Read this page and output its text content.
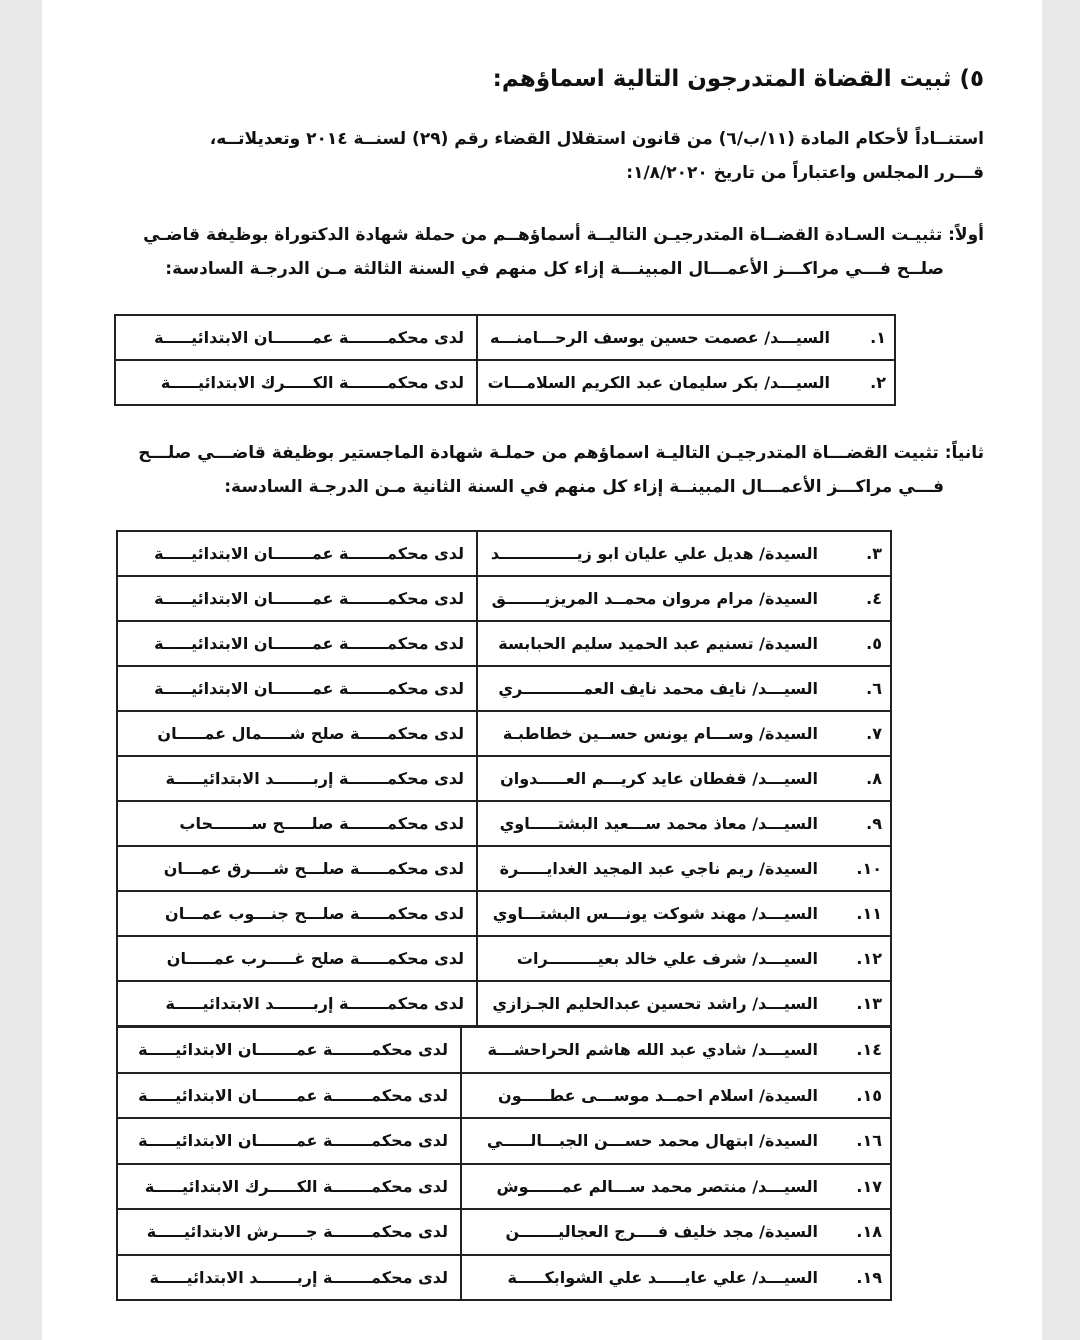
٥) ثبيت القضاة المتدرجون التالية اسماؤهم:
استنــاداً لأحكام المادة (١١/ب/٦) من قانون استقلال القضاء رقم (٢٩) لسنــة ٢٠١٤ وتعديلاتــه،
قـــرر المجلس واعتباراً من تاريخ ١/٨/٢٠٢٠:
أولاً: تثبيـت السـادة القضــاة المتدرجيـن التاليــة أسماؤهــم من حملة شهادة الدكتوراة بوظيفة قاضـي
صلــح فـــي مراكـــز الأعمـــال المبينـــة إزاء كل منهم في السنة الثالثة مـن الدرجـة السادسة:
١.	السيـــد/ عصمت حسين يوسف الرحـــامنـــه	لدى محكمـــــــة عمـــــــان الابتدائيـــــة
٢.	السيـــد/ بكر سليمان عبد الكريم السلامـــات	لدى محكمـــــــة الكـــــرك الابتدائيـــــة
ثانياً: تثبيت القضـــاة المتدرجيـن التاليـة اسماؤهم من حملـة شهادة الماجستير بوظيفة قاضـــي صلـــح
فـــي مراكـــز الأعمـــال المبينــة إزاء كل منهم في السنة الثانية مـن الدرجـة السادسة:
٣.	السيدة/ هديل علي عليان ابو زيــــــــــــــد	لدى محكمـــــــة عمـــــــان الابتدائيـــــة
٤.	السيدة/ مرام مروان محمــد المريزيـــــــق	لدى محكمـــــــة عمـــــــان الابتدائيـــــة
٥.	السيدة/ تسنيم عبد الحميد سليم الحبابسة	لدى محكمـــــــة عمـــــــان الابتدائيـــــة
٦.	السيـــد/ نايف محمد نايف العمـــــــــــري	لدى محكمـــــــة عمـــــــان الابتدائيـــــة
٧.	السيدة/ وســـام يونس حســين خطاطبـة	لدى محكمـــــة صلح شـــــمال عمـــــان
٨.	السيـــد/ قفطان عايد كريـــم العـــــدوان	لدى محكمـــــــة إربـــــــد الابتدائيـــــة
٩.	السيـــد/ معاذ محمد ســـعيد البشتـــــاوي	لدى محكمـــــــة صلـــــح ســـــــحاب
١٠.	السيدة/ ريم ناجي عبد المجيد الغدايـــــرة	لدى محكمـــــة صلـــح شــــرق عمـــان
١١.	السيـــد/ مهند شوكت يونـــس البشتـــاوي	لدى محكمـــــة صلـــح جنـــوب عمـــان
١٢.	السيـــد/ شرف علي خالد بعيـــــــــرات	لدى محكمـــــة صلح غـــــرب عمـــــان
١٣.	السيـــد/ راشد تحسين عبدالحليم الجـزازي	لدى محكمـــــــة إربـــــــد الابتدائيـــــة
١٤.	السيـــد/ شادي عبد الله هاشم الحراحشـــة	لدى محكمـــــــة عمـــــــان الابتدائيـــــة
١٥.	السيدة/ اسلام احمــد موســـى عطـــــون	لدى محكمـــــــة عمـــــــان الابتدائيـــــة
١٦.	السيدة/ ابتهال محمد حســـن الجبـــالـــــي	لدى محكمـــــــة عمـــــــان الابتدائيـــــة
١٧.	السيـــد/ منتصر محمد ســـالم عمــــــوش	لدى محكمـــــــة الكـــــرك الابتدائيـــــة
١٨.	السيدة/ مجد خليف فــــرج العجاليـــــــن	لدى محكمـــــــة جـــــرش الابتدائيـــــة
١٩.	السيـــد/ علي عايـــــد علي الشوابكـــــة	لدى محكمـــــــة إربـــــــد الابتدائيـــــة
